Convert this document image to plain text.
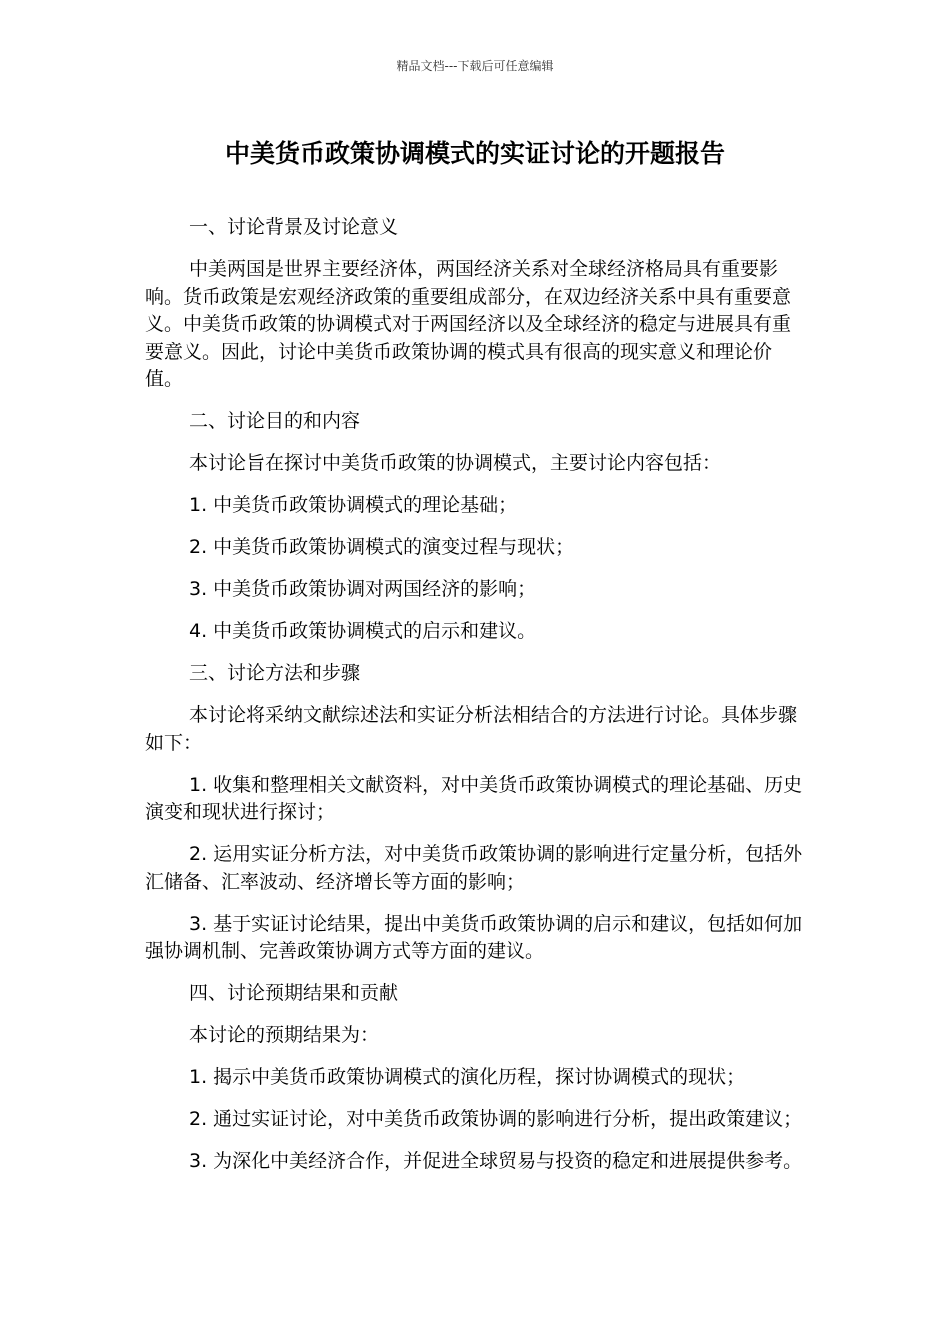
精品文档---下载后可任意编辑
中美货币政策协调模式的实证讨论的开题报告

一、讨论背景及讨论意义

中美两国是世界主要经济体，两国经济关系对全球经济格局具有重要影响。货币政策是宏观经济政策的重要组成部分，在双边经济关系中具有重要意义。中美货币政策的协调模式对于两国经济以及全球经济的稳定与进展具有重要意义。因此，讨论中美货币政策协调的模式具有很高的现实意义和理论价值。

二、讨论目的和内容

本讨论旨在探讨中美货币政策的协调模式，主要讨论内容包括：

1. 中美货币政策协调模式的理论基础；

2. 中美货币政策协调模式的演变过程与现状；

3. 中美货币政策协调对两国经济的影响；

4. 中美货币政策协调模式的启示和建议。

三、讨论方法和步骤

本讨论将采纳文献综述法和实证分析法相结合的方法进行讨论。具体步骤如下：

1. 收集和整理相关文献资料，对中美货币政策协调模式的理论基础、历史演变和现状进行探讨；

2. 运用实证分析方法，对中美货币政策协调的影响进行定量分析，包括外汇储备、汇率波动、经济增长等方面的影响；

3. 基于实证讨论结果，提出中美货币政策协调的启示和建议，包括如何加强协调机制、完善政策协调方式等方面的建议。

四、讨论预期结果和贡献

本讨论的预期结果为：

1. 揭示中美货币政策协调模式的演化历程，探讨协调模式的现状；

2. 通过实证讨论，对中美货币政策协调的影响进行分析，提出政策建议；

3. 为深化中美经济合作，并促进全球贸易与投资的稳定和进展提供参考。
